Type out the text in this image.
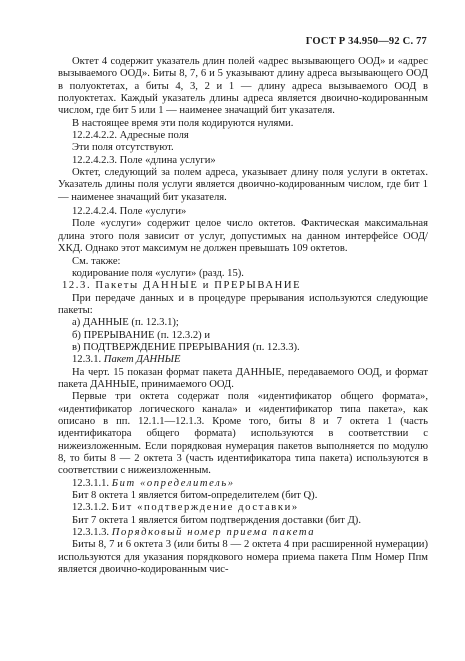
ГОСТ Р 34.950—92 С. 77

Октет 4 содержит указатель длин полей «адрес вызывающего ООД» и «адрес вызываемого ООД». Биты 8, 7, 6 и 5 указывают длину адреса вызывающего ООД в полуоктетах, а биты 4, 3, 2 и 1 — длину адреса вызываемого ООД в полуоктетах. Каждый указатель длины адреса является двоично-кодированным числом, где бит 5 или 1 — наименее значащий бит указателя.

В настоящее время эти поля кодируются нулями.

12.2.4.2.2. Адресные поля

Эти поля отсутствуют.

12.2.4.2.3. Поле «длина услуги»

Октет, следующий за полем адреса, указывает длину поля услуги в октетах. Указатель длины поля услуги является двоично-кодированным числом, где бит 1 — наименее значащий бит указателя.

12.2.4.2.4. Поле «услуги»

Поле «услуги» содержит целое число октетов. Фактическая максимальная длина этого поля зависит от услуг, допустимых на данном интерфейсе ООД/ХКД. Однако этот максимум не должен превышать 109 октетов.

См. также:

кодирование поля «услуги» (разд. 15).

12.3. Пакеты ДАННЫЕ и ПРЕРЫВАНИЕ

При передаче данных и в процедуре прерывания используются следующие пакеты:

а) ДАННЫЕ (п. 12.3.1);

б) ПРЕРЫВАНИЕ (п. 12.3.2) и

в) ПОДТВЕРЖДЕНИЕ ПРЕРЫВАНИЯ (п. 12.3.3).

12.3.1. Пакет ДАННЫЕ

На черт. 15 показан формат пакета ДАННЫЕ, передаваемого ООД, и формат пакета ДАННЫЕ, принимаемого ООД.

Первые три октета содержат поля «идентификатор общего формата», «идентификатор логического канала» и «идентификатор типа пакета», как описано в пп. 12.1.1—12.1.3. Кроме того, биты 8 и 7 октета 1 (часть идентификатора общего формата) используются в соответствии с нижеизложенным. Если порядковая нумерация пакетов выполняется по модулю 8, то биты 8 — 2 октета 3 (часть идентификатора типа пакета) используются в соответствии с нижеизложенным.

12.3.1.1. Бит «определитель»

Бит 8 октета 1 является битом-определителем (бит Q).

12.3.1.2. Бит «подтверждение доставки»

Бит 7 октета 1 является битом подтверждения доставки (бит Д).

12.3.1.3. Порядковый номер приема пакета

Биты 8, 7 и 6 октета 3 (или биты 8 — 2 октета 4 при расширенной нумерации) используются для указания порядкового номера приема пакета Ппм Номер Ппм является двоично-кодированным чис-
